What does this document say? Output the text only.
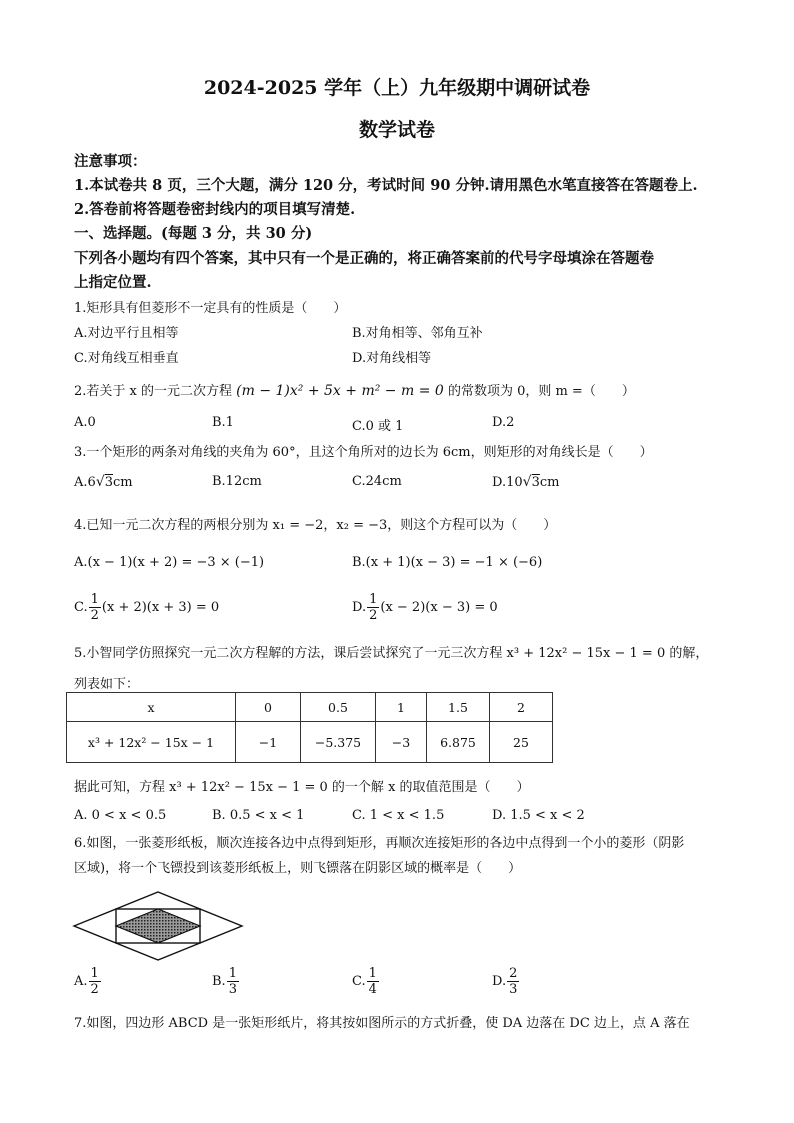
2024-2025 学年（上）九年级期中调研试卷
数学试卷
注意事项：
1.本试卷共 8 页，三个大题，满分 120 分，考试时间 90 分钟.请用黑色水笔直接答在答题卷上.
2.答卷前将答题卷密封线内的项目填写清楚.
一、选择题。(每题 3 分，共 30 分)
下列各小题均有四个答案，其中只有一个是正确的，将正确答案前的代号字母填涂在答题卷
上指定位置.
1.矩形具有但菱形不一定具有的性质是（　　）
A.对边平行且相等	B.对角相等、邻角互补
C.对角线互相垂直	D.对角线相等
2.若关于 x 的一元二次方程 (m − 1)x² + 5x + m² − m = 0 的常数项为 0，则 m =（　　）
A.0	B.1	C.0 或 1	D.2
3.一个矩形的两条对角线的夹角为 60°，且这个角所对的边长为 6cm，则矩形的对角线长是（　　）
A.6√3cm	B.12cm	C.24cm	D.10√3cm
4.已知一元二次方程的两根分别为 x₁ = −2，x₂ = −3，则这个方程可以为（　　）
A.(x − 1)(x + 2) = −3 × (−1)	B.(x + 1)(x − 3) = −1 × (−6)
C. $\frac{1}{2} (x + 2)(x + 3) = 0$	D. $\frac{1}{2} (x - 2)(x - 3) = 0$
5.小智同学仿照探究一元二次方程解的方法，课后尝试探究了一元三次方程 x³ + 12x² − 15x − 1 = 0 的解，
列表如下：
x	0	0.5	1	1.5	2
x³ + 12x² − 15x − 1	−1	−5.375	−3	6.875	25
据此可知，方程 x³ + 12x² − 15x − 1 = 0 的一个解 x 的取值范围是（　　）
A. 0 < x < 0.5	B. 0.5 < x < 1	C. 1 < x < 1.5	D. 1.5 < x < 2
6.如图，一张菱形纸板，顺次连接各边中点得到矩形，再顺次连接矩形的各边中点得到一个小的菱形（阴影
区域)，将一个飞镖投到该菱形纸板上，则飞镖落在阴影区域的概率是（　　）
A. $\frac{1}{2}$	B. $\frac{1}{3}$	C. $\frac{1}{4}$	D. $\frac{2}{3}$
7.如图，四边形 ABCD 是一张矩形纸片，将其按如图所示的方式折叠，使 DA 边落在 DC 边上，点 A 落在
